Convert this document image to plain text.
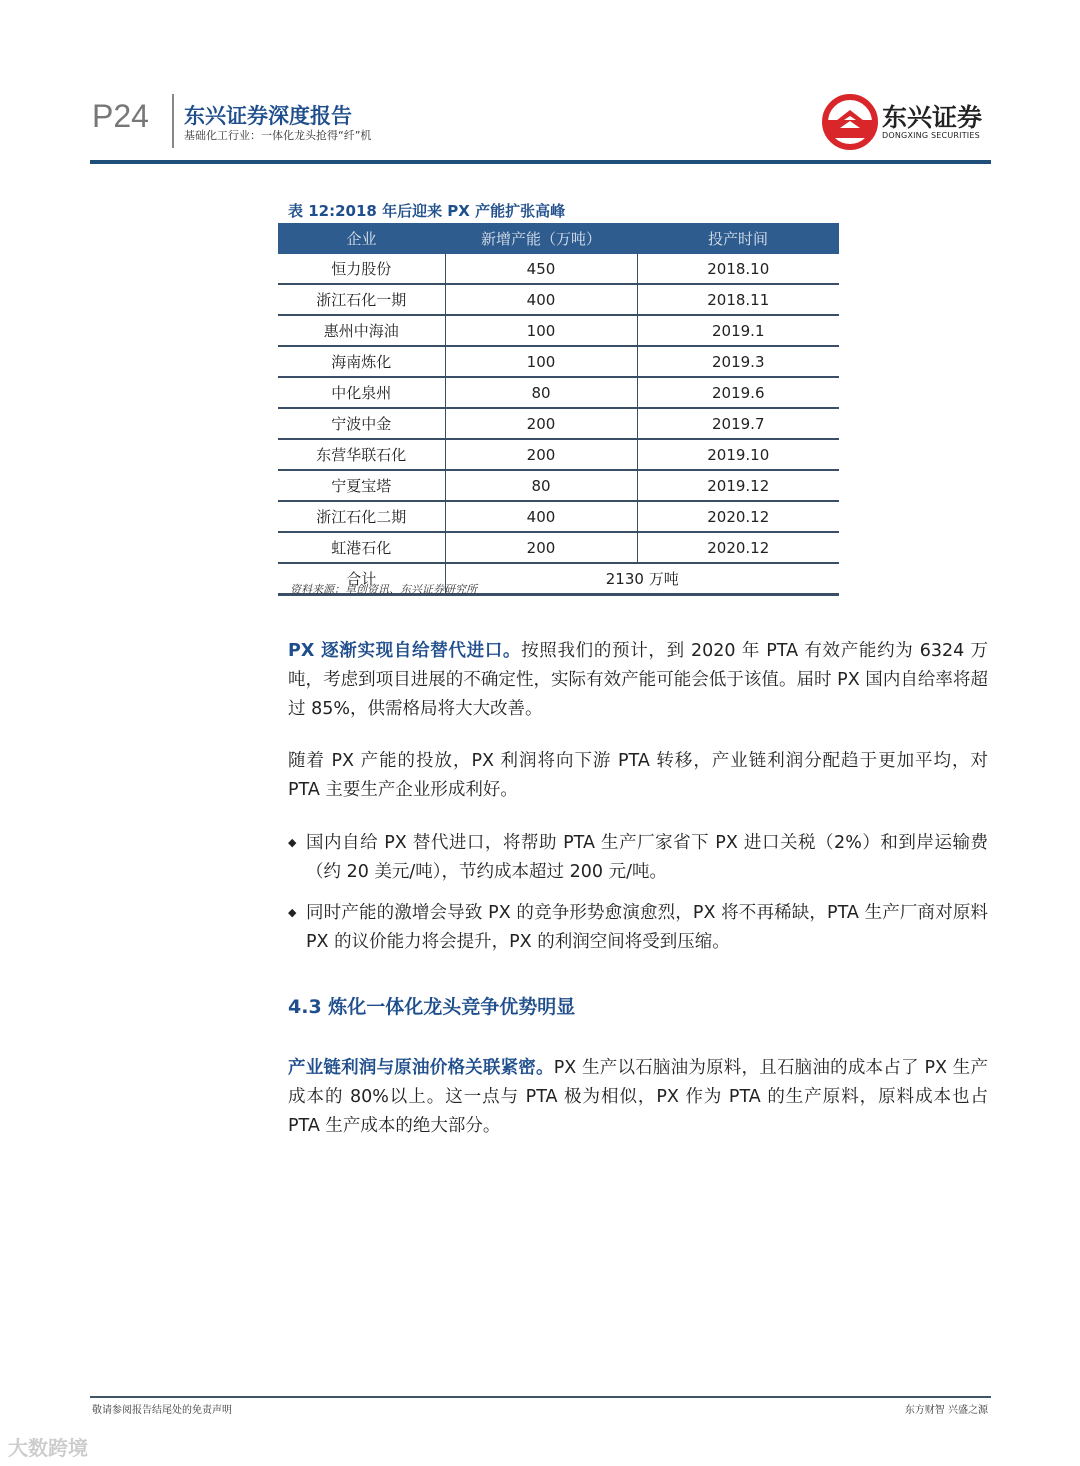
P24 东兴证券深度报告
基础化工行业：一体化龙头抢得“纤”机
东兴证券
DONGXING SECURITIES
表 12:2018 年后迎来 PX 产能扩张高峰
企业	新增产能（万吨）	投产时间
恒力股份	450	2018.10
浙江石化一期	400	2018.11
惠州中海油	100	2019.1
海南炼化	100	2019.3
中化泉州	80	2019.6
宁波中金	200	2019.7
东营华联石化	200	2019.10
宁夏宝塔	80	2019.12
浙江石化二期	400	2020.12
虹港石化	200	2020.12
合计	2130 万吨	
资料来源：卓创资讯、东兴证券研究所
PX 逐渐实现自给替代进口。按照我们的预计，到 2020 年 PTA 有效产能约为 6324 万吨，考虑到项目进展的不确定性，实际有效产能可能会低于该值。届时 PX 国内自给率将超过 85%，供需格局将大大改善。
随着 PX 产能的投放，PX 利润将向下游 PTA 转移，产业链利润分配趋于更加平均，对 PTA 主要生产企业形成利好。
◆ 国内自给 PX 替代进口，将帮助 PTA 生产厂家省下 PX 进口关税（2%）和到岸运输费（约 20 美元/吨），节约成本超过 200 元/吨。
◆ 同时产能的激增会导致 PX 的竞争形势愈演愈烈，PX 将不再稀缺，PTA 生产厂商对原料 PX 的议价能力将会提升，PX 的利润空间将受到压缩。
4.3 炼化一体化龙头竞争优势明显
产业链利润与原油价格关联紧密。PX 生产以石脑油为原料，且石脑油的成本占了 PX 生产成本的 80%以上。这一点与 PTA 极为相似，PX 作为 PTA 的生产原料，原料成本也占 PTA 生产成本的绝大部分。
敬请参阅报告结尾处的免责声明	东方财智 兴盛之源
大数跨境
